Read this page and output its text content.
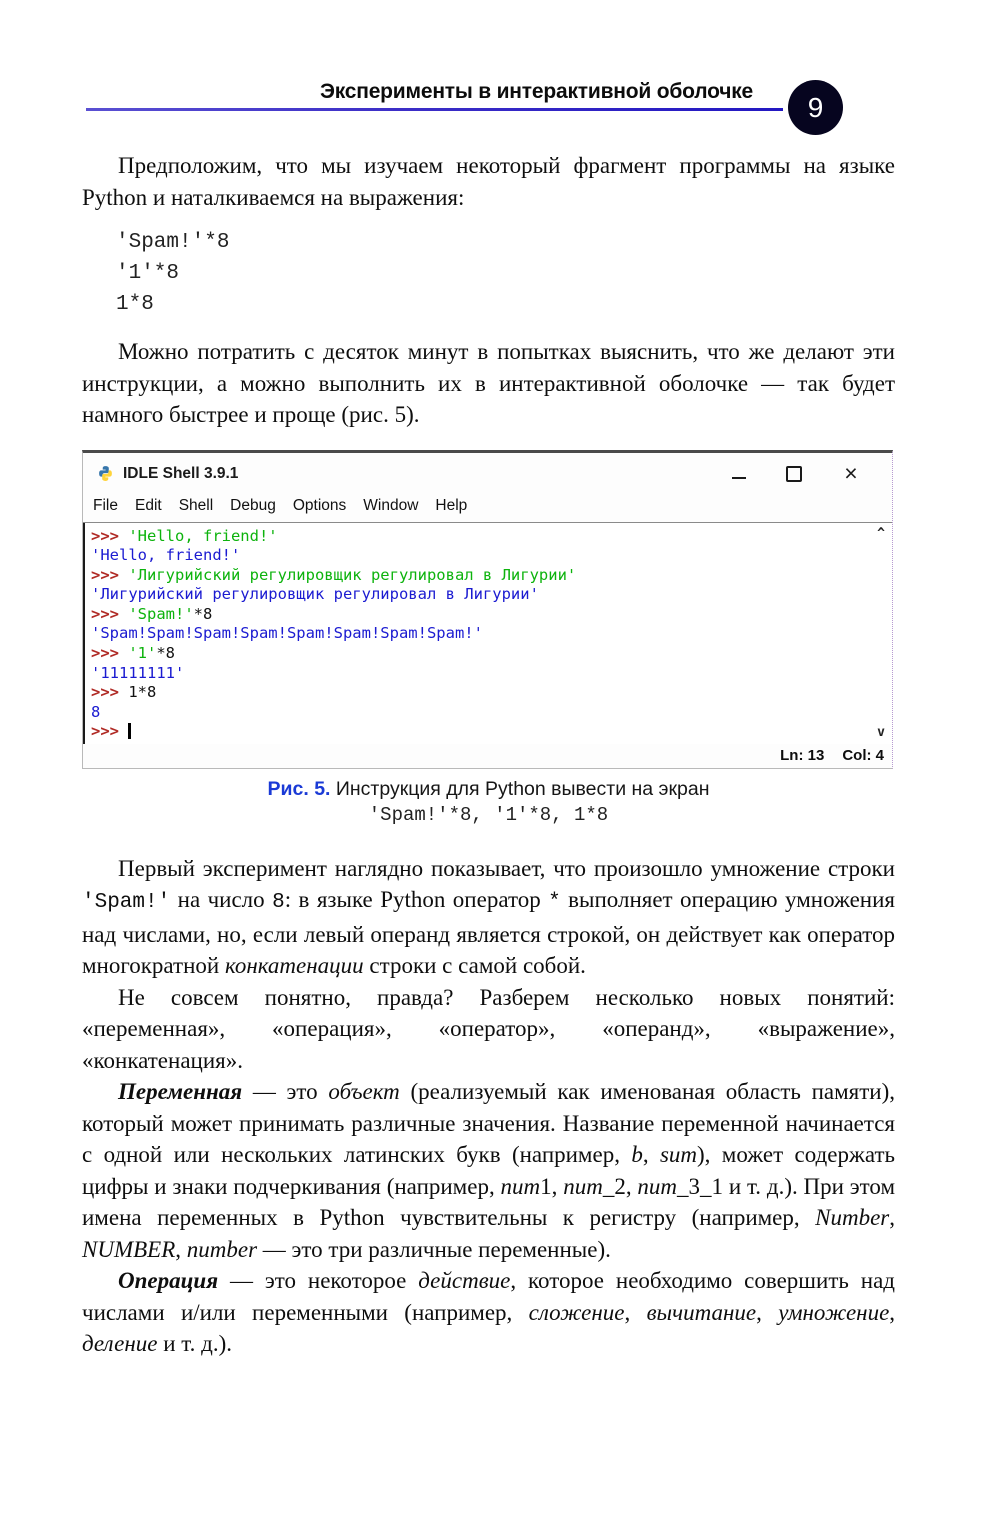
Эксперименты в интерактивной оболочке	9

Предположим, что мы изучаем некоторый фрагмент программы на языке Python и наталкиваемся на выражения:

'Spam!'*8
'1'*8
1*8

Можно потратить с десяток минут в попытках выяснить, что же делают эти инструкции, а можно выполнить их в интерактивной оболочке — так будет намного быстрее и проще (рис. 5).

IDLE Shell 3.9.1	×
File Edit Shell Debug Options Window Help
>>> 'Hello, friend!'
'Hello, friend!'
>>> 'Лигурийский регулировщик регулировал в Лигурии'
'Лигурийский регулировщик регулировал в Лигурии'
>>> 'Spam!'*8
'Spam!Spam!Spam!Spam!Spam!Spam!Spam!Spam!'
>>> '1'*8
'11111111'
>>> 1*8
8
>>>
^
v
Ln: 13 Col: 4
Рис. 5. Инструкция для Python вывести на экран
'Spam!'*8, '1'*8, 1*8

Первый эксперимент наглядно показывает, что произошло умножение строки 'Spam!' на число 8: в языке Python оператор * выполняет операцию умножения над числами, но, если левый операнд является строкой, он действует как оператор многократной конкатенации строки с самой собой.

Не совсем понятно, правда? Разберем несколько новых понятий: «переменная», «операция», «оператор», «операнд», «выражение», «конкатенация».

Переменная — это объект (реализуемый как именованая область памяти), который может принимать различные значения. Название переменной начинается с одной или нескольких латинских букв (например, b, sum), может содержать цифры и знаки подчеркивания (например, num1, num_2, num_3_1 и т. д.). При этом имена переменных в Python чувствительны к регистру (например, Number, NUMBER, number — это три различные переменные).

Операция — это некоторое действие, которое необходимо совершить над числами и/или переменными (например, сложение, вычитание, умножение, деление и т. д.).
